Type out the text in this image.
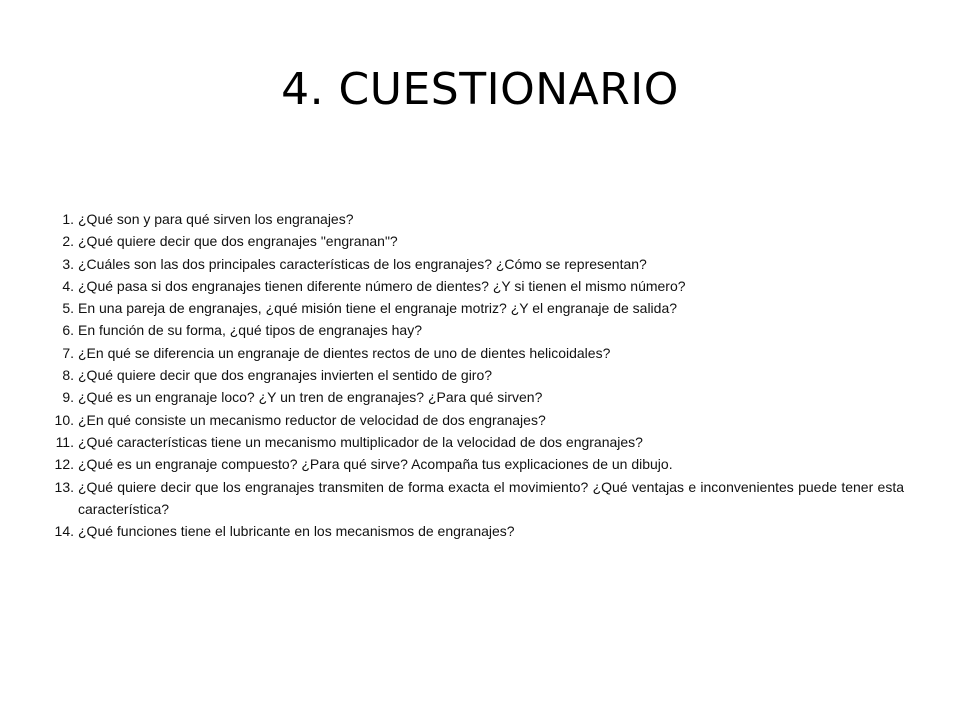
4. CUESTIONARIO
1. ¿Qué son y para qué sirven los engranajes?
2. ¿Qué quiere decir que dos engranajes "engranan"?
3. ¿Cuáles son las dos principales características de los engranajes? ¿Cómo se representan?
4. ¿Qué pasa si dos engranajes tienen diferente número de dientes? ¿Y si tienen el mismo número?
5. En una pareja de engranajes, ¿qué misión tiene el engranaje motriz? ¿Y el engranaje de salida?
6. En función de su forma, ¿qué tipos de engranajes hay?
7. ¿En qué se diferencia un engranaje de dientes rectos de uno de dientes helicoidales?
8. ¿Qué quiere decir que dos engranajes invierten el sentido de giro?
9. ¿Qué es un engranaje loco? ¿Y un tren de engranajes? ¿Para qué sirven?
10. ¿En qué consiste un mecanismo reductor de velocidad de dos engranajes?
11. ¿Qué características tiene un mecanismo multiplicador de la velocidad de dos engranajes?
12. ¿Qué es un engranaje compuesto? ¿Para qué sirve? Acompaña tus explicaciones de un dibujo.
13. ¿Qué quiere decir que los engranajes transmiten de forma exacta el movimiento? ¿Qué ventajas e inconvenientes puede tener esta característica?
14. ¿Qué funciones tiene el lubricante en los mecanismos de engranajes?
